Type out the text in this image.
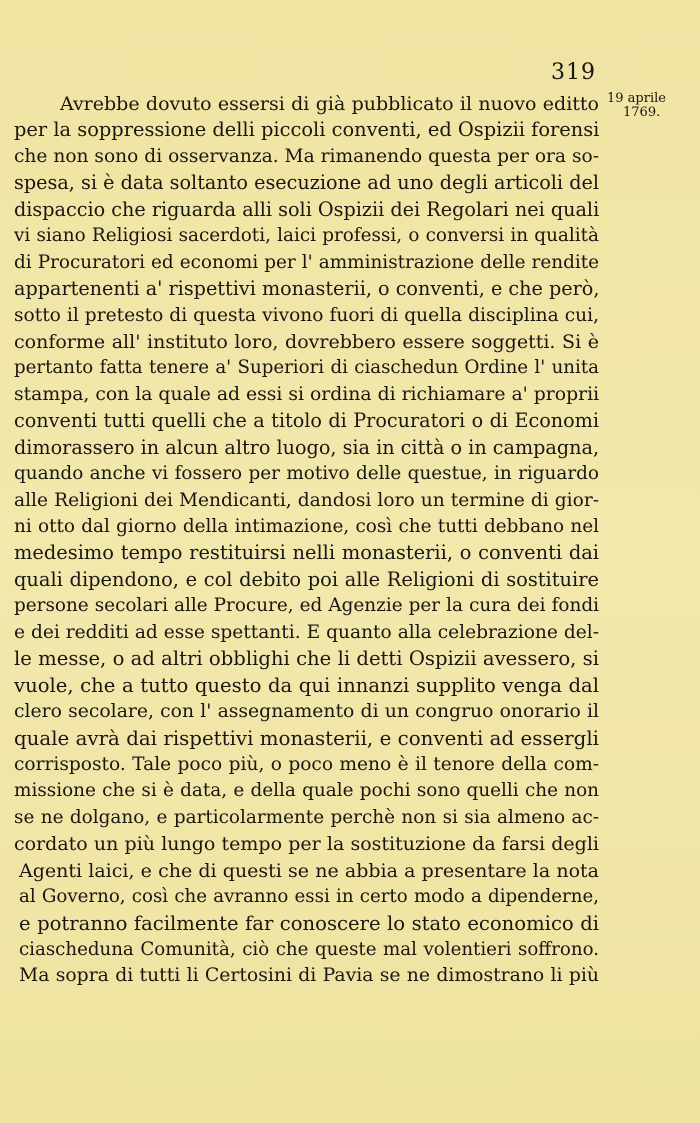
319
19 aprile
1769.
Avrebbe dovuto essersi di già pubblicato il nuovo editto
per la soppressione delli piccoli conventi, ed Ospizii forensi
che non sono di osservanza. Ma rimanendo questa per ora so-
spesa, si è data soltanto esecuzione ad uno degli articoli del
dispaccio che riguarda alli soli Ospizii dei Regolari nei quali
vi siano Religiosi sacerdoti, laici professi, o conversi in qualità
di Procuratori ed economi per l' amministrazione delle rendite
appartenenti a' rispettivi monasterii, o conventi, e che però,
sotto il pretesto di questa vivono fuori di quella disciplina cui,
conforme all' instituto loro, dovrebbero essere soggetti. Si è
pertanto fatta tenere a' Superiori di ciaschedun Ordine l' unita
stampa, con la quale ad essi si ordina di richiamare a' proprii
conventi tutti quelli che a titolo di Procuratori o di Economi
dimorassero in alcun altro luogo, sia in città o in campagna,
quando anche vi fossero per motivo delle questue, in riguardo
alle Religioni dei Mendicanti, dandosi loro un termine di gior-
ni otto dal giorno della intimazione, così che tutti debbano nel
medesimo tempo restituirsi nelli monasterii, o conventi dai
quali dipendono, e col debito poi alle Religioni di sostituire
persone secolari alle Procure, ed Agenzie per la cura dei fondi
e dei redditi ad esse spettanti. E quanto alla celebrazione del-
le messe, o ad altri obblighi che li detti Ospizii avessero, si
vuole, che a tutto questo da qui innanzi supplito venga dal
clero secolare, con l' assegnamento di un congruo onorario il
quale avrà dai rispettivi monasterii, e conventi ad essergli
corrisposto. Tale poco più, o poco meno è il tenore della com-
missione che si è data, e della quale pochi sono quelli che non
se ne dolgano, e particolarmente perchè non si sia almeno ac-
cordato un più lungo tempo per la sostituzione da farsi degli
Agenti laici, e che di questi se ne abbia a presentare la nota
al Governo, così che avranno essi in certo modo a dipenderne,
e potranno facilmente far conoscere lo stato economico di
ciascheduna Comunità, ciò che queste mal volentieri soffrono.
Ma sopra di tutti li Certosini di Pavia se ne dimostrano li più
